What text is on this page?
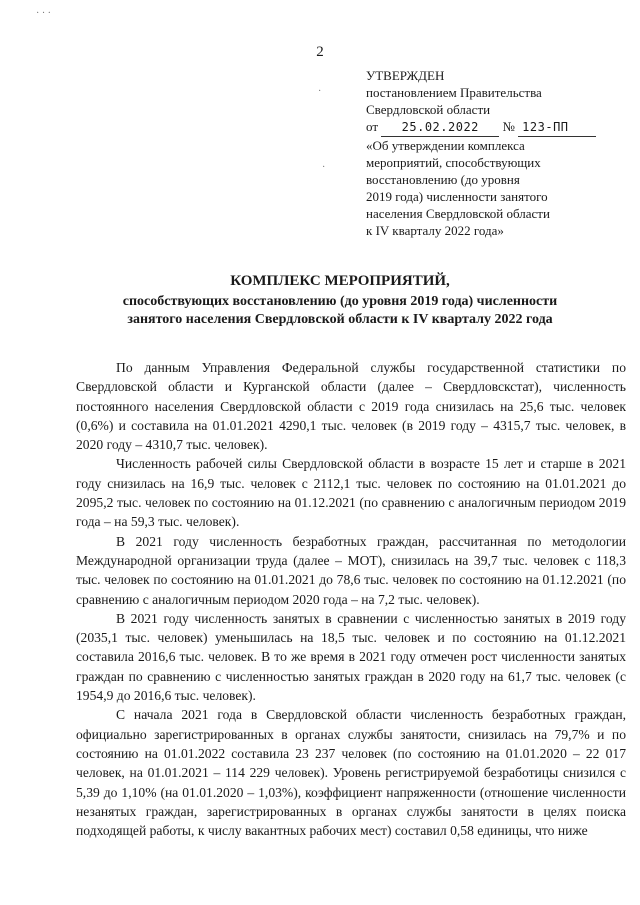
2
· · ·
·
·
УТВЕРЖДЕН
постановлением Правительства
Свердловской области
от 25.02.2022 № 123-ПП
«Об утверждении комплекса
мероприятий, способствующих
восстановлению (до уровня
2019 года) численности занятого
населения Свердловской области
к IV кварталу 2022 года»
КОМПЛЕКС МЕРОПРИЯТИЙ,
способствующих восстановлению (до уровня 2019 года) численности
занятого населения Свердловской области к IV кварталу 2022 года

По данным Управления Федеральной службы государственной статистики по Свердловской области и Курганской области (далее – Свердловскстат), численность постоянного населения Свердловской области с 2019 года снизилась на 25,6 тыс. человек (0,6%) и составила на 01.01.2021 4290,1 тыс. человек (в 2019 году – 4315,7 тыс. человек, в 2020 году – 4310,7 тыс. человек).

Численность рабочей силы Свердловской области в возрасте 15 лет и старше в 2021 году снизилась на 16,9 тыс. человек с 2112,1 тыс. человек по состоянию на 01.01.2021 до 2095,2 тыс. человек по состоянию на 01.12.2021 (по сравнению с аналогичным периодом 2019 года – на 59,3 тыс. человек).

В 2021 году численность безработных граждан, рассчитанная по методологии Международной организации труда (далее – МОТ), снизилась на 39,7 тыс. человек с 118,3 тыс. человек по состоянию на 01.01.2021 до 78,6 тыс. человек по состоянию на 01.12.2021 (по сравнению с аналогичным периодом 2020 года – на 7,2 тыс. человек).

В 2021 году численность занятых в сравнении с численностью занятых в 2019 году (2035,1 тыс. человек) уменьшилась на 18,5 тыс. человек и по состоянию на 01.12.2021 составила 2016,6 тыс. человек. В то же время в 2021 году отмечен рост численности занятых граждан по сравнению с численностью занятых граждан в 2020 году на 61,7 тыс. человек (с 1954,9 до 2016,6 тыс. человек).

С начала 2021 года в Свердловской области численность безработных граждан, официально зарегистрированных в органах службы занятости, снизилась на 79,7% и по состоянию на 01.01.2022 составила 23 237 человек (по состоянию на 01.01.2020 – 22 017 человек, на 01.01.2021 – 114 229 человек). Уровень регистрируемой безработицы снизился с 5,39 до 1,10% (на 01.01.2020 – 1,03%), коэффициент напряженности (отношение численности незанятых граждан, зарегистрированных в органах службы занятости в целях поиска подходящей работы, к числу вакантных рабочих мест) составил 0,58 единицы, что ниже
